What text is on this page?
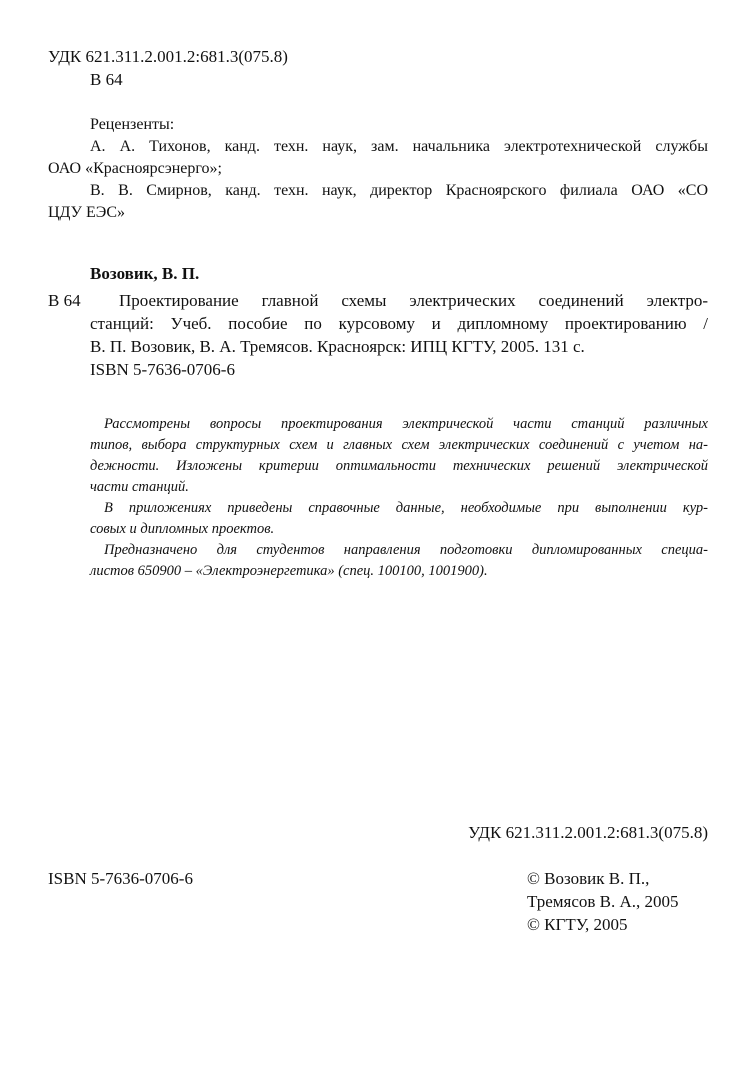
УДК 621.311.2.001.2:681.3(075.8)
В 64
Рецензенты:
А. А. Тихонов, канд. техн. наук, зам. начальника электротехнической службы
ОАО «Красноярсэнерго»;
В. В. Смирнов, канд. техн. наук, директор Красноярского филиала ОАО «СО
ЦДУ ЕЭС»
Возовик, В. П.
В 64 Проектирование главной схемы электрических соединений электро-
станций: Учеб. пособие по курсовому и дипломному проектированию /
В. П. Возовик, В. А. Тремясов. Красноярск: ИПЦ КГТУ, 2005. 131 с.
ISBN 5-7636-0706-6
Рассмотрены вопросы проектирования электрической части станций различных
типов, выбора структурных схем и главных схем электрических соединений с учетом на-
дежности. Изложены критерии оптимальности технических решений электрической
части станций.
В приложениях приведены справочные данные, необходимые при выполнении кур-
совых и дипломных проектов.
Предназначено для студентов направления подготовки дипломированных специа-
листов 650900 – «Электроэнергетика» (спец. 100100, 1001900).
УДК 621.311.2.001.2:681.3(075.8)
ISBN 5-7636-0706-6	© Возовик В. П.,
Тремясов В. А., 2005
© КГТУ, 2005
